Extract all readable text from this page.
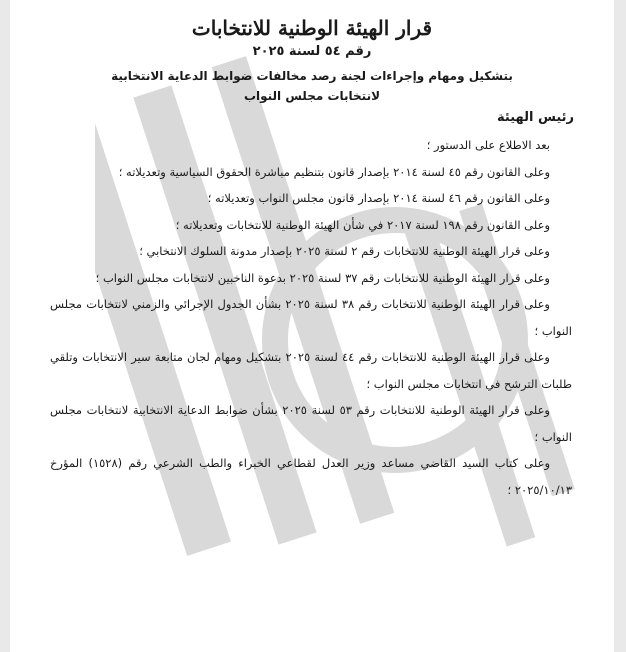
قرار الهيئة الوطنية للانتخابات

رقم ٥٤ لسنة ٢٠٢٥

بتشكيل ومهام وإجراءات لجنة رصد مخالفات ضوابط الدعاية الانتخابية
لانتخابات مجلس النواب

رئيس الهيئة

بعد الاطلاع على الدستور ؛
وعلى القانون رقم ٤٥ لسنة ٢٠١٤ بإصدار قانون بتنظيم مباشرة الحقوق السياسية وتعديلاته ؛
وعلى القانون رقم ٤٦ لسنة ٢٠١٤ بإصدار قانون مجلس النواب وتعديلاته ؛
وعلى القانون رقم ١٩٨ لسنة ٢٠١٧ في شأن الهيئة الوطنية للانتخابات وتعديلاته ؛
وعلى قرار الهيئة الوطنية للانتخابات رقم ٢ لسنة ٢٠٢٥ بإصدار مدونة السلوك الانتخابي ؛
وعلى قرار الهيئة الوطنية للانتخابات رقم ٣٧ لسنة ٢٠٢٥ بدعوة الناخبين لانتخابات مجلس النواب ؛
وعلى قرار الهيئة الوطنية للانتخابات رقم ٣٨ لسنة ٢٠٢٥ بشأن الجدول الإجرائي والزمني لانتخابات مجلس النواب ؛
وعلى قرار الهيئة الوطنية للانتخابات رقم ٤٤ لسنة ٢٠٢٥ بتشكيل ومهام لجان متابعة سير الانتخابات وتلقي طلبات الترشح في انتخابات مجلس النواب ؛
وعلى قرار الهيئة الوطنية للانتخابات رقم ٥٣ لسنة ٢٠٢٥ بشأن ضوابط الدعاية الانتخابية لانتخابات مجلس النواب ؛
وعلى كتاب السيد القاضي مساعد وزير العدل لقطاعي الخبراء والطب الشرعي رقم (١٥٢٨) المؤرخ ٢٠٢٥/١٠/١٣ ؛
